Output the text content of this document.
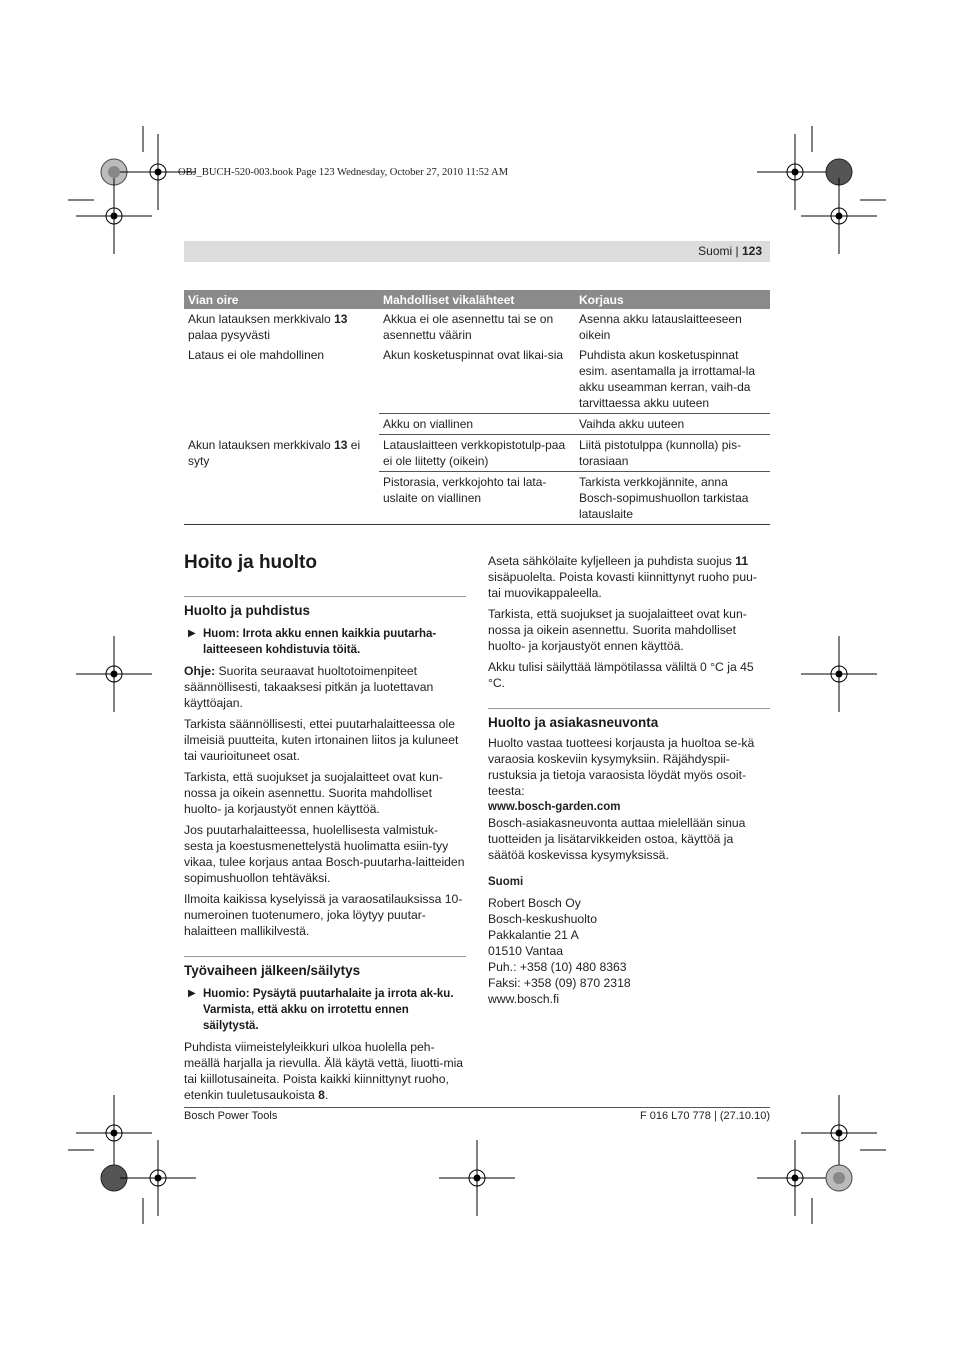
OBJ_BUCH-520-003.book Page 123 Wednesday, October 27, 2010 11:52 AM
Suomi | 123
Vian oire	Mahdolliset vikalähteet	Korjaus
Akun latauksen merkkivalo 13 palaa pysyvästi	Akkua ei ole asennettu tai se on asennettu väärin	Asenna akku latauslaitteeseen oikein
Lataus ei ole mahdollinen	Akun kosketuspinnat ovat likai-sia	Puhdista akun kosketuspinnat esim. asentamalla ja irrottamal-la akku useamman kerran, vaih-da tarvittaessa akku uuteen
	Akku on viallinen	Vaihda akku uuteen
Akun latauksen merkkivalo 13 ei syty	Latauslaitteen verkkopistotulp-paa ei ole liitetty (oikein)	Liitä pistotulppa (kunnolla) pis-torasiaan
	Pistorasia, verkkojohto tai lata-uslaite on viallinen	Tarkista verkkojännite, anna Bosch-sopimushuollon tarkistaa latauslaite
Hoito ja huolto
Huolto ja puhdistus

▶ Huom: Irrota akku ennen kaikkia puutarha-laitteeseen kohdistuvia töitä.

Ohje: Suorita seuraavat huoltotoimenpiteet säännöllisesti, takaaksesi pitkän ja luotettavan käyttöajan.

Tarkista säännöllisesti, ettei puutarhalaitteessa ole ilmeisiä puutteita, kuten irtonainen liitos ja kuluneet tai vaurioituneet osat.

Tarkista, että suojukset ja suojalaitteet ovat kun-nossa ja oikein asennettu. Suorita mahdolliset huolto- ja korjaustyöt ennen käyttöä.

Jos puutarhalaitteessa, huolellisesta valmistuk-sesta ja koestusmenettelystä huolimatta esiin-tyy vikaa, tulee korjaus antaa Bosch-puutarha-laitteiden sopimushuollon tehtäväksi.

Ilmoita kaikissa kyselyissä ja varaosatilauksissa 10-numeroinen tuotenumero, joka löytyy puutar-halaitteen mallikilvestä.

Työvaiheen jälkeen/säilytys

▶ Huomio: Pysäytä puutarhalaite ja irrota ak-ku. Varmista, että akku on irrotettu ennen säilytystä.

Puhdista viimeistelyleikkuri ulkoa huolella peh-meällä harjalla ja rievulla. Älä käytä vettä, liuotti-mia tai kiillotusaineita. Poista kaikki kiinnittynyt ruoho, etenkin tuuletusaukoista 8.

Aseta sähkölaite kyljelleen ja puhdista suojus 11 sisäpuolelta. Poista kovasti kiinnittynyt ruoho puu- tai muovikappaleella.

Tarkista, että suojukset ja suojalaitteet ovat kun-nossa ja oikein asennettu. Suorita mahdolliset huolto- ja korjaustyöt ennen käyttöä.

Akku tulisi säilyttää lämpötilassa väliltä 0 °C ja 45 °C.

Huolto ja asiakasneuvonta

Huolto vastaa tuotteesi korjausta ja huoltoa se-kä varaosia koskeviin kysymyksiin. Räjähdyspii-rustuksia ja tietoja varaosista löydät myös osoit-teesta:

www.bosch-garden.com

Bosch-asiakasneuvonta auttaa mielellään sinua tuotteiden ja lisätarvikkeiden ostoa, käyttöä ja säätöä koskevissa kysymyksissä.

Suomi

Robert Bosch Oy

Bosch-keskushuolto

Pakkalantie 21 A

01510 Vantaa

Puh.: +358 (10) 480 8363

Faksi: +358 (09) 870 2318

www.bosch.fi

Bosch Power Tools	F 016 L70 778 | (27.10.10)
